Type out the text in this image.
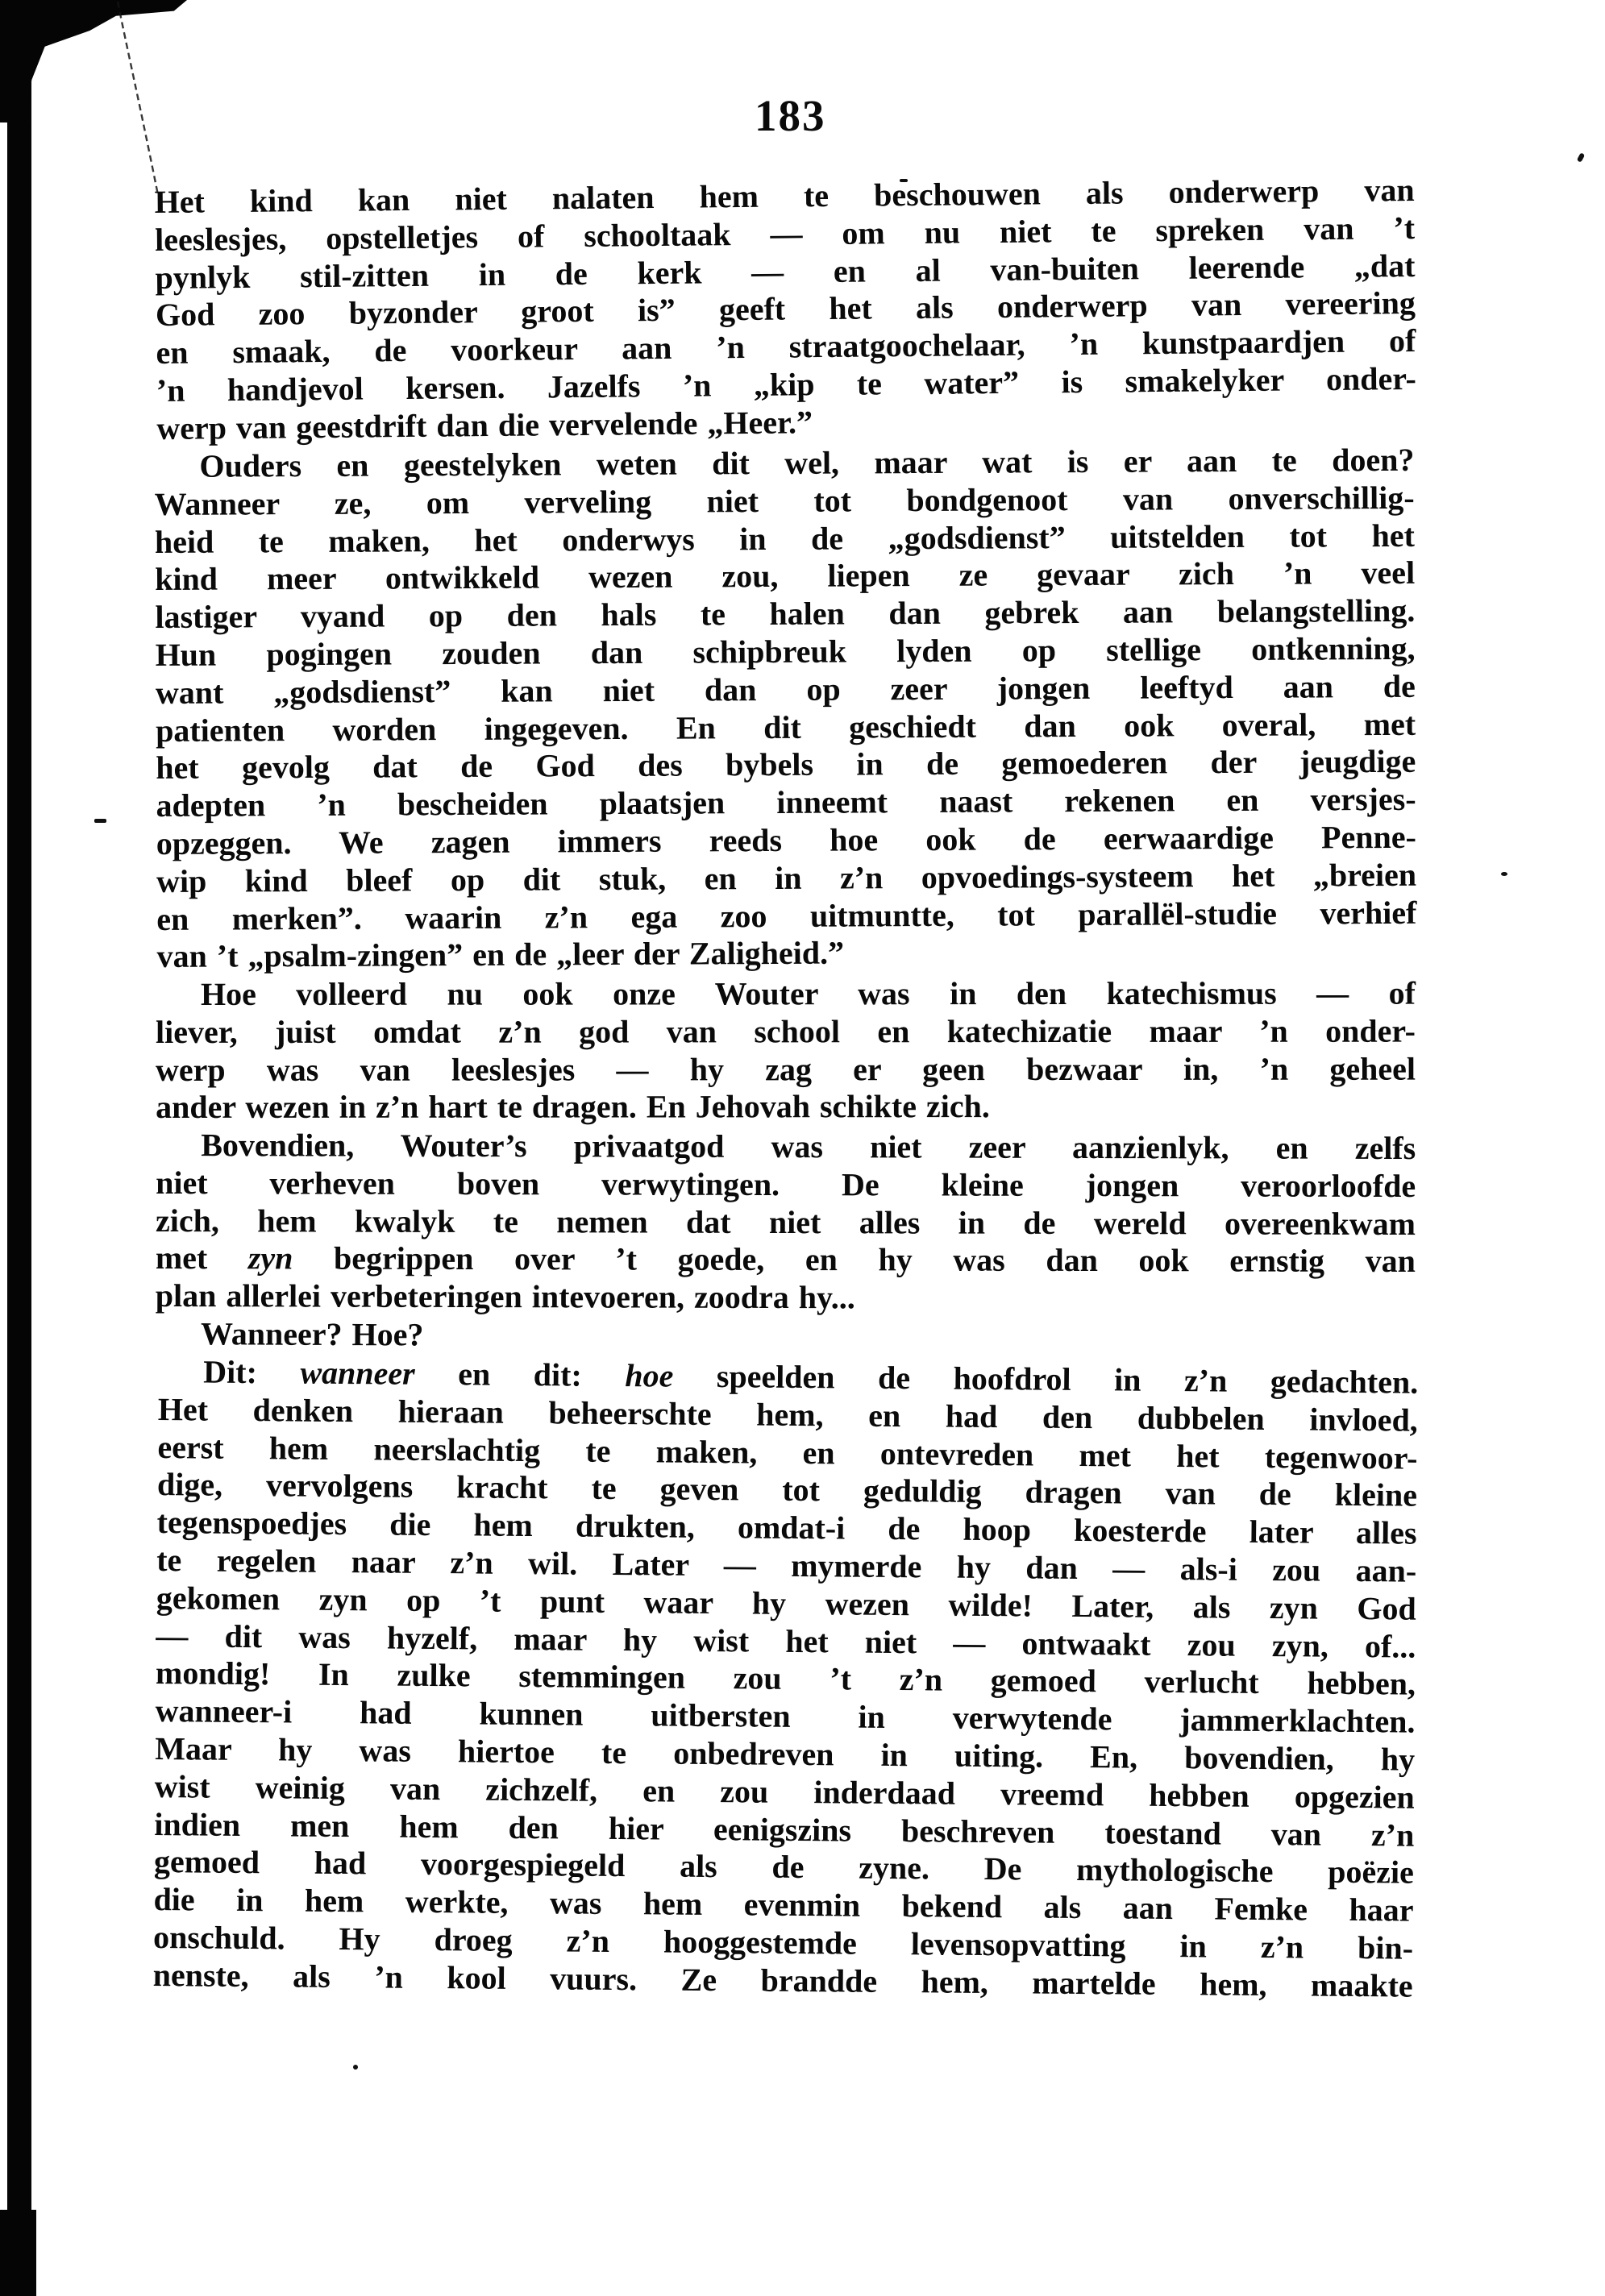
183
Het kind kan niet nalaten hem te beschouwen als onderwerp van
leeslesjes, opstelletjes of schooltaak — om nu niet te spreken van ’t
pynlyk stil-zitten in de kerk — en al van-buiten leerende „dat
God zoo byzonder groot is” geeft het als onderwerp van vereering
en smaak, de voorkeur aan ’n straatgoochelaar, ’n kunstpaardjen of
’n handjevol kersen. Jazelfs ’n „kip te water” is smakelyker onder-
werp van geestdrift dan die vervelende „Heer.”
Ouders en geestelyken weten dit wel, maar wat is er aan te doen?
Wanneer ze, om verveling niet tot bondgenoot van onverschillig-
heid te maken, het onderwys in de „godsdienst” uitstelden tot het
kind meer ontwikkeld wezen zou, liepen ze gevaar zich ’n veel
lastiger vyand op den hals te halen dan gebrek aan belangstelling.
Hun pogingen zouden dan schipbreuk lyden op stellige ontkenning,
want „godsdienst” kan niet dan op zeer jongen leeftyd aan de
patienten worden ingegeven. En dit geschiedt dan ook overal, met
het gevolg dat de God des bybels in de gemoederen der jeugdige
adepten ’n bescheiden plaatsjen inneemt naast rekenen en versjes-
opzeggen. We zagen immers reeds hoe ook de eerwaardige Penne-
wip kind bleef op dit stuk, en in z’n opvoedings-systeem het „breien
en merken”. waarin z’n ega zoo uitmuntte, tot parallël-studie verhief
van ’t „psalm-zingen” en de „leer der Zaligheid.”
Hoe volleerd nu ook onze Wouter was in den katechismus — of
liever, juist omdat z’n god van school en katechizatie maar ’n onder-
werp was van leeslesjes — hy zag er geen bezwaar in, ’n geheel
ander wezen in z’n hart te dragen. En Jehovah schikte zich.
Bovendien, Wouter’s privaatgod was niet zeer aanzienlyk, en zelfs
niet verheven boven verwytingen. De kleine jongen veroorloofde
zich, hem kwalyk te nemen dat niet alles in de wereld overeenkwam
met zyn begrippen over ’t goede, en hy was dan ook ernstig van
plan allerlei verbeteringen intevoeren, zoodra hy...
Wanneer? Hoe?
Dit: wanneer en dit: hoe speelden de hoofdrol in z’n gedachten.
Het denken hieraan beheerschte hem, en had den dubbelen invloed,
eerst hem neerslachtig te maken, en ontevreden met het tegenwoor-
dige, vervolgens kracht te geven tot geduldig dragen van de kleine
tegenspoedjes die hem drukten, omdat-i de hoop koesterde later alles
te regelen naar z’n wil. Later — mymerde hy dan — als-i zou aan-
gekomen zyn op ’t punt waar hy wezen wilde! Later, als zyn God
— dit was hyzelf, maar hy wist het niet — ontwaakt zou zyn, of...
mondig! In zulke stemmingen zou ’t z’n gemoed verlucht hebben,
wanneer-i had kunnen uitbersten in verwytende jammerklachten.
Maar hy was hiertoe te onbedreven in uiting. En, bovendien, hy
wist weinig van zichzelf, en zou inderdaad vreemd hebben opgezien
indien men hem den hier eenigszins beschreven toestand van z’n
gemoed had voorgespiegeld als de zyne. De mythologische poëzie
die in hem werkte, was hem evenmin bekend als aan Femke haar
onschuld. Hy droeg z’n hooggestemde levensopvatting in z’n bin-
nenste, als ’n kool vuurs. Ze brandde hem, martelde hem, maakte
